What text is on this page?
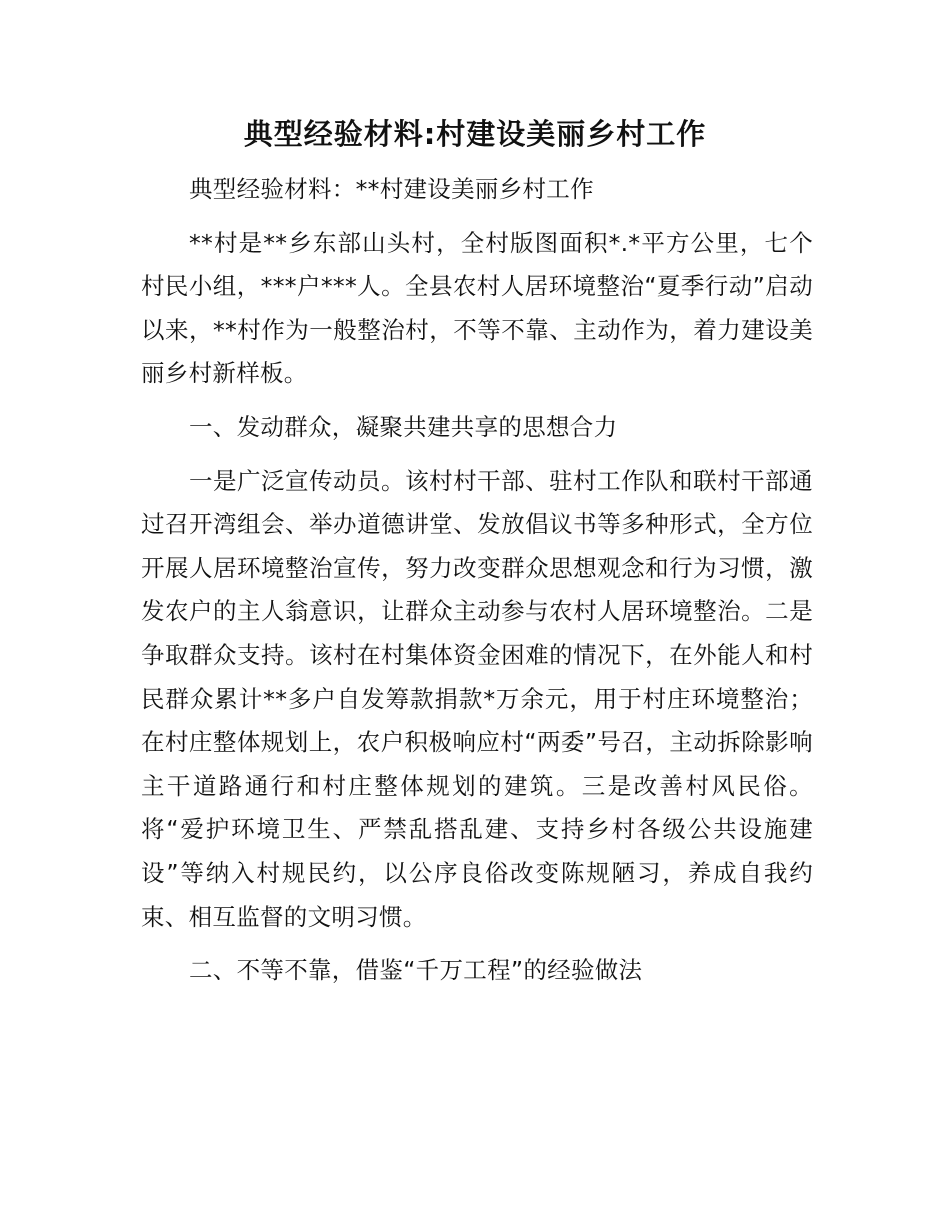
典型经验材料:村建设美丽乡村工作

典型经验材料：**村建设美丽乡村工作

**村是**乡东部山头村，全村版图面积*.*平方公里，七个村民小组，***户***人。全县农村人居环境整治“夏季行动”启动以来，**村作为一般整治村，不等不靠、主动作为，着力建设美丽乡村新样板。

一、发动群众，凝聚共建共享的思想合力

一是广泛宣传动员。该村村干部、驻村工作队和联村干部通过召开湾组会、举办道德讲堂、发放倡议书等多种形式，全方位开展人居环境整治宣传，努力改变群众思想观念和行为习惯，激发农户的主人翁意识，让群众主动参与农村人居环境整治。二是争取群众支持。该村在村集体资金困难的情况下，在外能人和村民群众累计**多户自发筹款捐款*万余元，用于村庄环境整治；在村庄整体规划上，农户积极响应村“两委”号召，主动拆除影响主干道路通行和村庄整体规划的建筑。三是改善村风民俗。将“爱护环境卫生、严禁乱搭乱建、支持乡村各级公共设施建设”等纳入村规民约，以公序良俗改变陈规陋习，养成自我约束、相互监督的文明习惯。

二、不等不靠，借鉴“千万工程”的经验做法
